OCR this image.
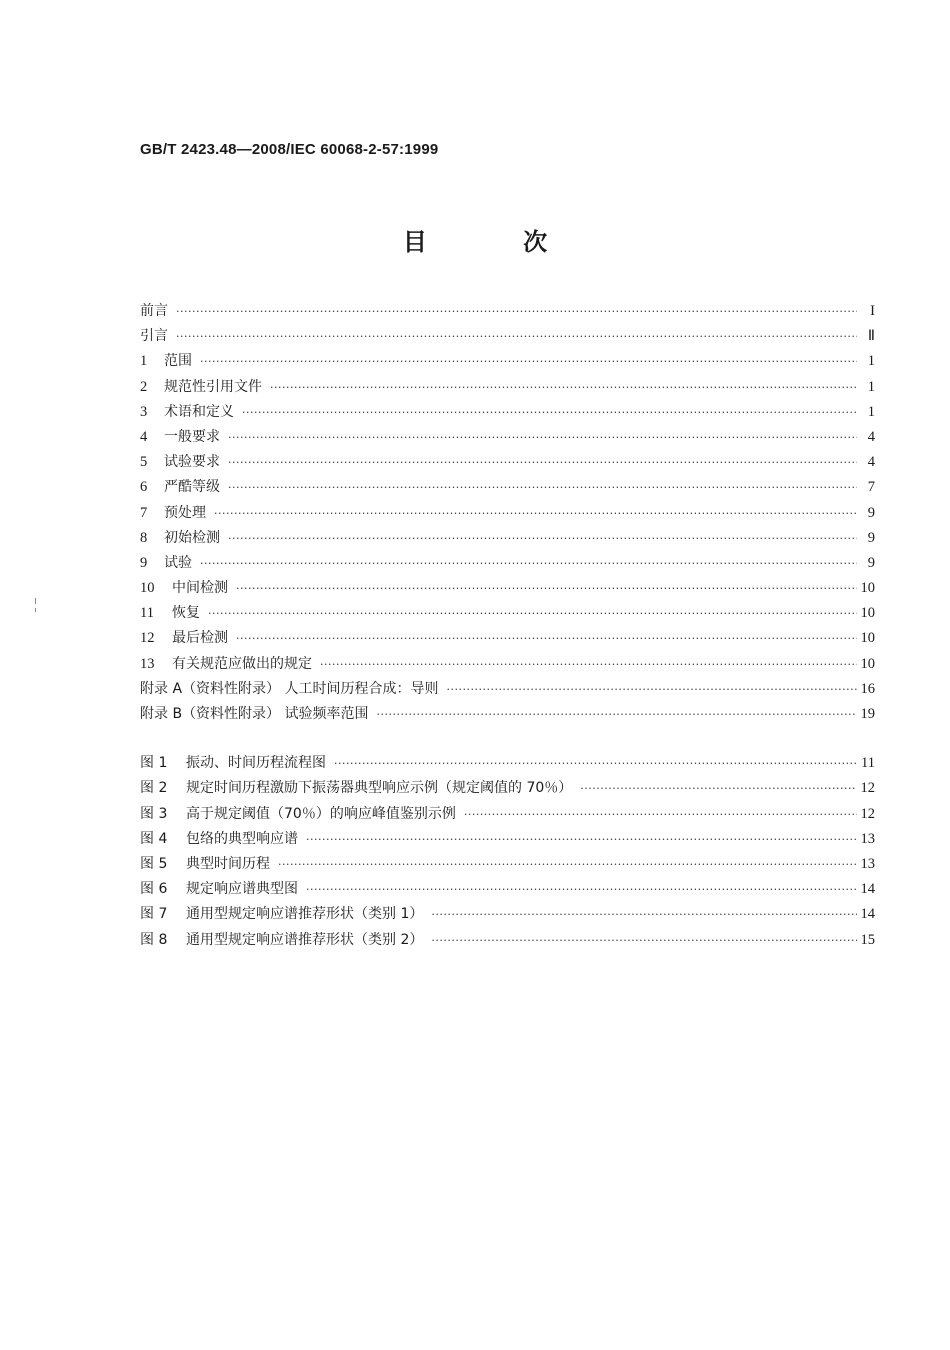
GB/T 2423.48—2008/IEC 60068-2-57:1999
目 次
前言 ·····	I
引言 ·····	Ⅱ
1	范围 ·····	1
2	规范性引用文件 ·····	1
3	术语和定义 ·····	1
4	一般要求 ·····	4
5	试验要求 ·····	4
6	严酷等级 ·····	7
7	预处理 ·····	9
8	初始检测 ·····	9
9	试验 ·····	9
10	中间检测 ·····	10
11	恢复 ·····	10
12	最后检测 ·····	10
13	有关规范应做出的规定 ·····	10
附录 A（资料性附录） 人工时间历程合成：导则 ·····	16
附录 B（资料性附录） 试验频率范围 ·····	19
图 1	振动、时间历程流程图 ·····	11
图 2	规定时间历程激励下振荡器典型响应示例（规定阈值的 70％） ·····	12
图 3	高于规定阈值（70％）的响应峰值鉴别示例 ·····	12
图 4	包络的典型响应谱 ·····	13
图 5	典型时间历程 ·····	13
图 6	规定响应谱典型图 ·····	14
图 7	通用型规定响应谱推荐形状（类别 1） ·····	14
图 8	通用型规定响应谱推荐形状（类别 2） ·····	15
